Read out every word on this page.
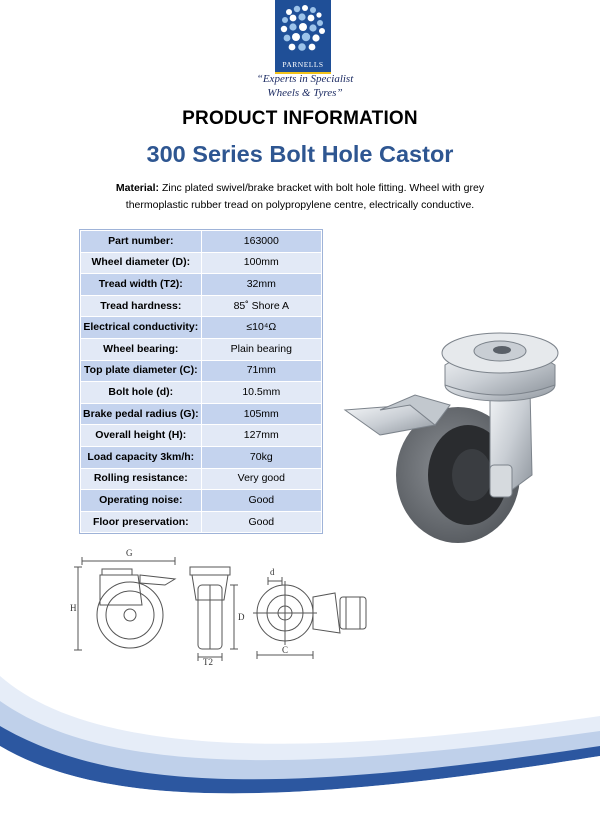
PARNELLS
“Experts in Specialist
Wheels & Tyres”
PRODUCT INFORMATION
300 Series Bolt Hole Castor
Material: Zinc plated swivel/brake bracket with bolt hole fitting. Wheel with grey thermoplastic rubber tread on polypropylene centre, electrically conductive.
Part number:	163000
Wheel diameter (D):	100mm
Tread width (T2):	32mm
Tread hardness:	85˚ Shore A
Electrical conductivity:	≤10⁴Ω
Wheel bearing:	Plain bearing
Top plate diameter (C):	71mm
Bolt hole (d):	10.5mm
Brake pedal radius (G):	105mm
Overall height (H):	127mm
Load capacity 3km/h:	70kg
Rolling resistance:	Very good
Operating noise:	Good
Floor preservation:	Good
G
H
D
T2
d
C
